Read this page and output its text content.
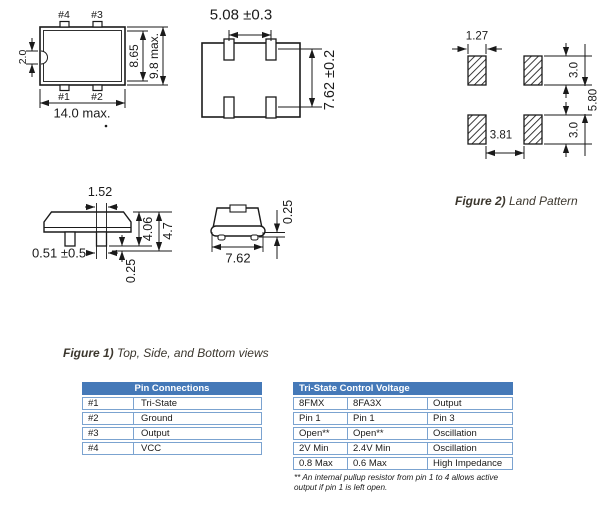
#4 #3
#1 #2
2.0	8.65 9.8 max.
14.0 max.
5.08 ±0.3
7.62 ±0.2
1.27
3.0
3.0
5.80
3.81
1.52
4.06 4.7
0.51 ±0.5
0.25
0.25
7.62
Figure 2) Land Pattern
Figure 1) Top, Side, and Bottom views
Pin Connections
#1	Tri-State
#2	Ground
#3	Output
#4	VCC
Tri-State Control Voltage
8FMX	8FA3X	Output
Pin 1	Pin 1	Pin 3
Open**	Open**	Oscillation
2V Min	2.4V Min	Oscillation
0.8 Max	0.6 Max	High Impedance
** An internal pullup resistor from pin 1 to 4 allows active
output if pin 1 is left open.
